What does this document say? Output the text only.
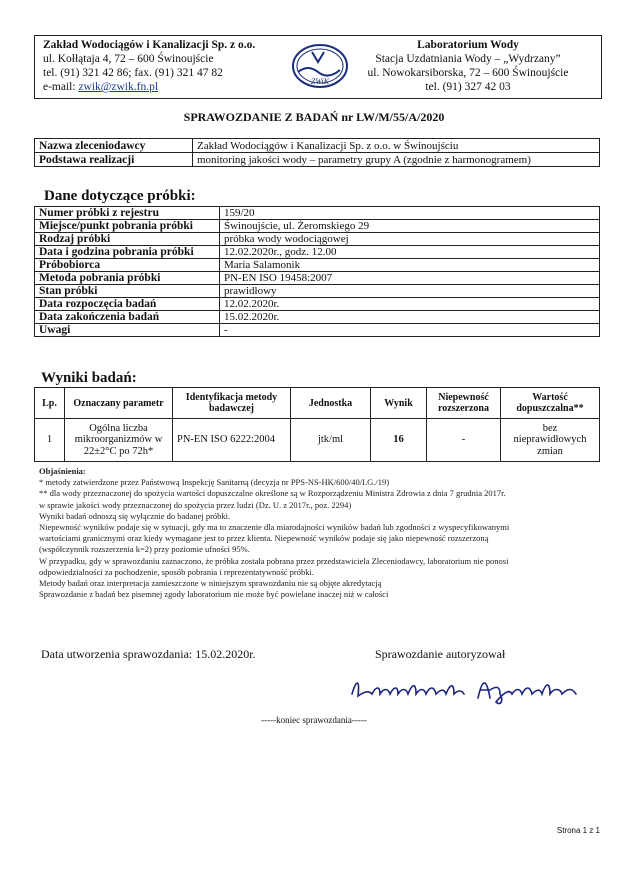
Zakład Wodociągów i Kanalizacji Sp. z o.o.
ul. Kołłątaja 4, 72 – 600 Świnoujście
tel. (91) 321 42 86; fax. (91) 321 47 82
e-mail: zwik@zwik.fn.pl	ZWiK
Laboratorium Wody
Stacja Uzdatniania Wody – „Wydrzany”
ul. Nowokarsiborska, 72 – 600 Świnoujście
tel. (91) 327 42 03
SPRAWOZDANIE Z BADAŃ nr LW/M/55/A/2020
Nazwa zleceniodawcy	Zakład Wodociągów i Kanalizacji Sp. z o.o. w Świnoujściu
Podstawa realizacji	monitoring jakości wody – parametry grupy A (zgodnie z harmonogramem)
Dane dotyczące próbki:
Numer próbki z rejestru	159/20
Miejsce/punkt pobrania próbki	Świnoujście, ul. Żeromskiego 29
Rodzaj próbki	próbka wody wodociągowej
Data i godzina pobrania próbki	12.02.2020r., godz. 12.00
Próbobiorca	Maria Salamonik
Metoda pobrania próbki	PN-EN ISO 19458:2007
Stan próbki	prawidłowy
Data rozpoczęcia badań	12.02.2020r.
Data zakończenia badań	15.02.2020r.
Uwagi	-
Wyniki badań:
Lp.	Oznaczany parametr	Identyfikacja metody badawczej	Jednostka	Wynik	Niepewność rozszerzona	Wartość dopuszczalna**
1	Ogólna liczba mikroorganizmów w 22±2°C po 72h*	PN-EN ISO 6222:2004	jtk/ml	16	-	bez nieprawidłowych zmian
Objaśnienia:
* metody zatwierdzone przez Państwową Inspekcję Sanitarną (decyzja nr PPS-NS-HK/600/40/I.G./19)
** dla wody przeznaczonej do spożycia wartości dopuszczalne określone są w Rozporządzeniu Ministra Zdrowia z dnia 7 grudnia 2017r.
w sprawie jakości wody przeznaczonej do spożycia przez ludzi (Dz. U. z 2017r., poz. 2294)
Wyniki badań odnoszą się wyłącznie do badanej próbki.
Niepewność wyników podaje się w sytuacji, gdy ma to znaczenie dla miarodajności wyników badań lub zgodności z wyspecyfikowanymi
wartościami granicznymi oraz kiedy wymagane jest to przez klienta. Niepewność wyników podaje się jako niepewność rozszerzoną
(współczynnik rozszerzenia k=2) przy poziomie ufności 95%.
W przypadku, gdy w sprawozdaniu zaznaczono, że próbka została pobrana przez przedstawiciela Zleceniodawcy, laboratorium nie ponosi
odpowiedzialności za pochodzenie, sposób pobrania i reprezentatywność próbki.
Metody badań oraz interpretacja zamieszczone w niniejszym sprawozdaniu nie są objęte akredytacją
Sprawozdanie z badań bez pisemnej zgody laboratorium nie może być powielane inaczej niż w całości
Data utworzenia sprawozdania: 15.02.2020r.	Sprawozdanie autoryzował
-----koniec sprawozdania-----
Strona 1 z 1
